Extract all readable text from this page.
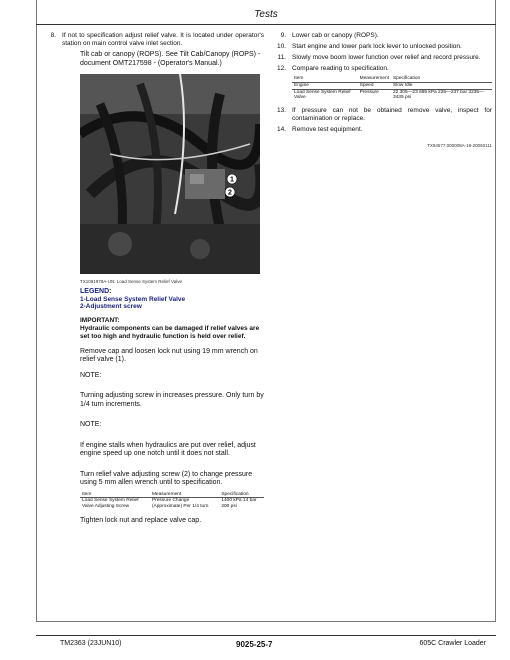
Tests
8. If not to specification adjust relief valve. It is located under operator's station on main control valve inlet section.
Tilt cab or canopy (ROPS). See Tilt Cab/Canopy (ROPS) - document OMT217598 - (Operator's Manual.)
1
2
TX1091978A-UN: Load Sense System Relief Valve
LEGEND:
1-Load Sense System Relief Valve
2-Adjustment screw
IMPORTANT:
Hydraulic components can be damaged if relief valves are set too high and hydraulic function is held over relief.
Remove cap and loosen lock nut using 19 mm wrench on relief valve (1).
NOTE:
Turning adjusting screw in increases pressure. Only turn by 1/4 turn increments.
NOTE:
If engine stalls when hydraulics are put over relief, adjust engine speed up one notch until it does not stall.
Turn relief valve adjusting screw (2) to change pressure using 5 mm allen wrench until to specification.
Item	Measurement	Specification
Load Sense System Relief Valve Adjusting Screw	Pressure Change (Approximate) Per 1/4 turn	1400 kPa 14 bar 200 psi
Tighten lock nut and replace valve cap.
9. Lower cab or canopy (ROPS).
10. Start engine and lower park lock lever to unlocked position.
11. Slowly move boom lower function over relief and record pressure.
12. Compare reading to specification.
Item	Measurement	Specification
Engine	Speed	Slow Idle
Load Sense System Relief Valve	Pressure	22 305—23 685 kPa 225—237 bar 3235—3435 psi
13. If pressure can not be obtained remove valve, inspect for contamination or replace.
14. Remove test equipment.
TX94577,000008A-19-20060111
TM2363 (23JUN10)	9025-25-7	605C Crawler Loader
